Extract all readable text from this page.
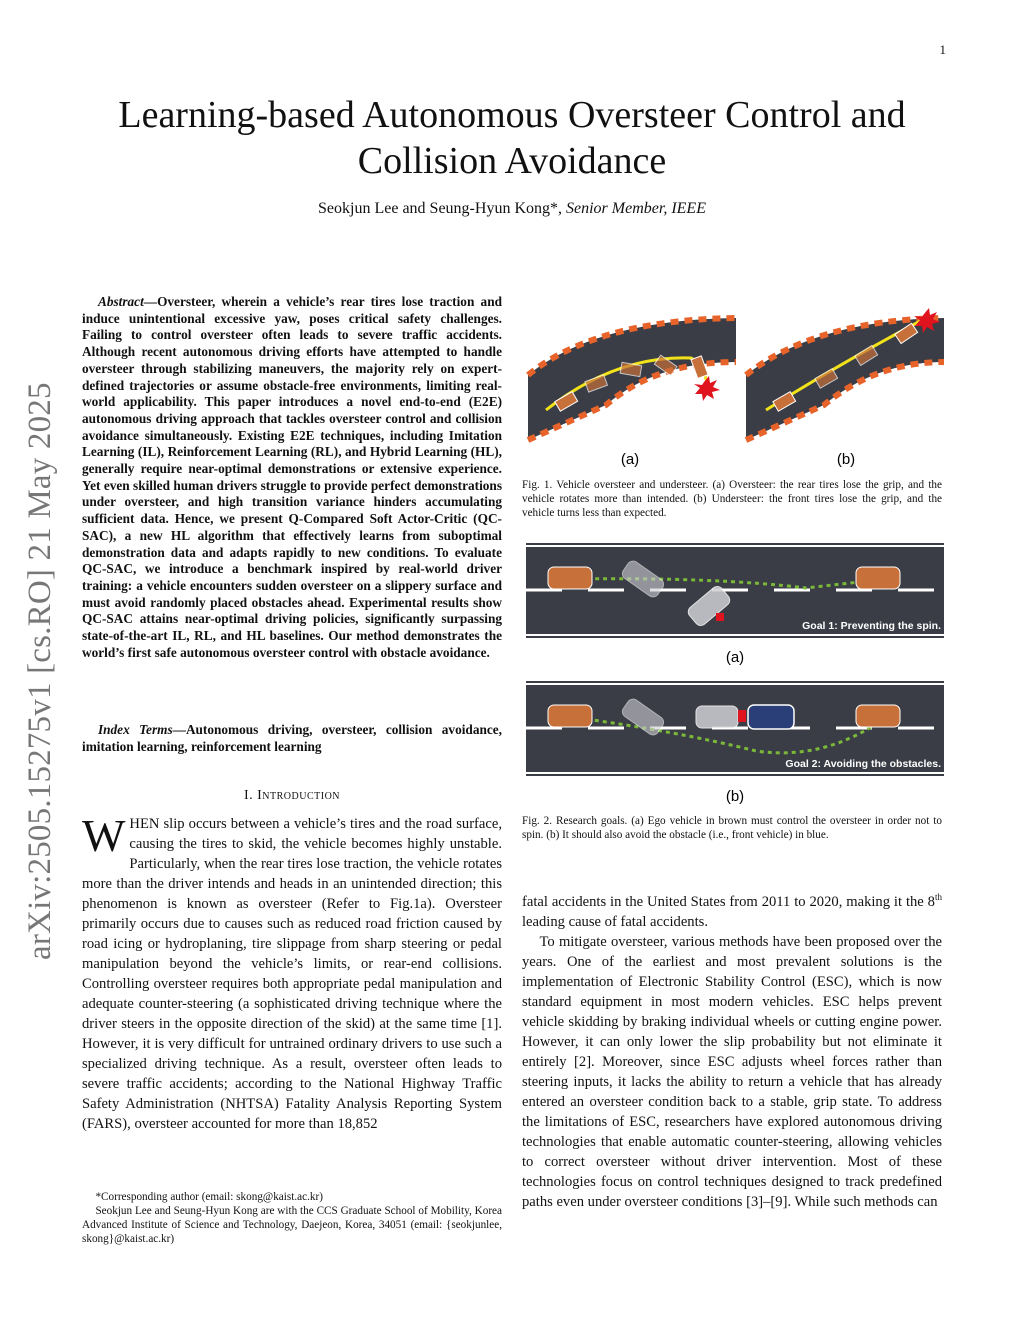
1
arXiv:2505.15275v1 [cs.RO] 21 May 2025
Learning-based Autonomous Oversteer Control and Collision Avoidance
Seokjun Lee and Seung-Hyun Kong*, Senior Member, IEEE

Abstract—Oversteer, wherein a vehicle’s rear tires lose traction and induce unintentional excessive yaw, poses critical safety challenges. Failing to control oversteer often leads to severe traffic accidents. Although recent autonomous driving efforts have attempted to handle oversteer through stabilizing maneuvers, the majority rely on expert-defined trajectories or assume obstacle-free environments, limiting real-world applicability. This paper introduces a novel end-to-end (E2E) autonomous driving approach that tackles oversteer control and collision avoidance simultaneously. Existing E2E techniques, including Imitation Learning (IL), Reinforcement Learning (RL), and Hybrid Learning (HL), generally require near-optimal demonstrations or extensive experience. Yet even skilled human drivers struggle to provide perfect demonstrations under oversteer, and high transition variance hinders accumulating sufficient data. Hence, we present Q-Compared Soft Actor-Critic (QC-SAC), a new HL algorithm that effectively learns from suboptimal demonstration data and adapts rapidly to new conditions. To evaluate QC-SAC, we introduce a benchmark inspired by real-world driver training: a vehicle encounters sudden oversteer on a slippery surface and must avoid randomly placed obstacles ahead. Experimental results show QC-SAC attains near-optimal driving policies, significantly surpassing state-of-the-art IL, RL, and HL baselines. Our method demonstrates the world’s first safe autonomous oversteer control with obstacle avoidance.

Index Terms—Autonomous driving, oversteer, collision avoidance, imitation learning, reinforcement learning
I. Introduction

WHEN slip occurs between a vehicle’s tires and the road surface, causing the tires to skid, the vehicle becomes highly unstable. Particularly, when the rear tires lose traction, the vehicle rotates more than the driver intends and heads in an unintended direction; this phenomenon is known as oversteer (Refer to Fig.1a). Oversteer primarily occurs due to causes such as reduced road friction caused by road icing or hydroplaning, tire slippage from sharp steering or pedal manipulation beyond the vehicle’s limits, or rear-end collisions. Controlling oversteer requires both appropriate pedal manipulation and adequate counter-steering (a sophisticated driving technique where the driver steers in the opposite direction of the skid) at the same time [1]. However, it is very difficult for untrained ordinary drivers to use such a specialized driving technique. As a result, oversteer often leads to severe traffic accidents; according to the National Highway Traffic Safety Administration (NHTSA) Fatality Analysis Reporting System (FARS), oversteer accounted for more than 18,852

*Corresponding author (email: skong@kaist.ac.kr)

Seokjun Lee and Seung-Hyun Kong are with the CCS Graduate School of Mobility, Korea Advanced Institute of Science and Technology, Daejeon, Korea, 34051 (email: {seokjunlee, skong}@kaist.ac.kr)

(a)	(b)
Fig. 1. Vehicle oversteer and understeer. (a) Oversteer: the rear tires lose the grip, and the vehicle rotates more than intended. (b) Understeer: the front tires lose the grip, and the vehicle turns less than expected.
Goal 1: Preventing the spin.
(a)
Goal 2: Avoiding the obstacles.
(b)
Fig. 2. Research goals. (a) Ego vehicle in brown must control the oversteer in order not to spin. (b) It should also avoid the obstacle (i.e., front vehicle) in blue.

fatal accidents in the United States from 2011 to 2020, making it the 8th leading cause of fatal accidents.

To mitigate oversteer, various methods have been proposed over the years. One of the earliest and most prevalent solutions is the implementation of Electronic Stability Control (ESC), which is now standard equipment in most modern vehicles. ESC helps prevent vehicle skidding by braking individual wheels or cutting engine power. However, it can only lower the slip probability but not eliminate it entirely [2]. Moreover, since ESC adjusts wheel forces rather than steering inputs, it lacks the ability to return a vehicle that has already entered an oversteer condition back to a stable, grip state. To address the limitations of ESC, researchers have explored autonomous driving technologies that enable automatic counter-steering, allowing vehicles to correct oversteer without driver intervention. Most of these technologies focus on control techniques designed to track predefined paths even under oversteer conditions [3]–[9]. While such methods can
